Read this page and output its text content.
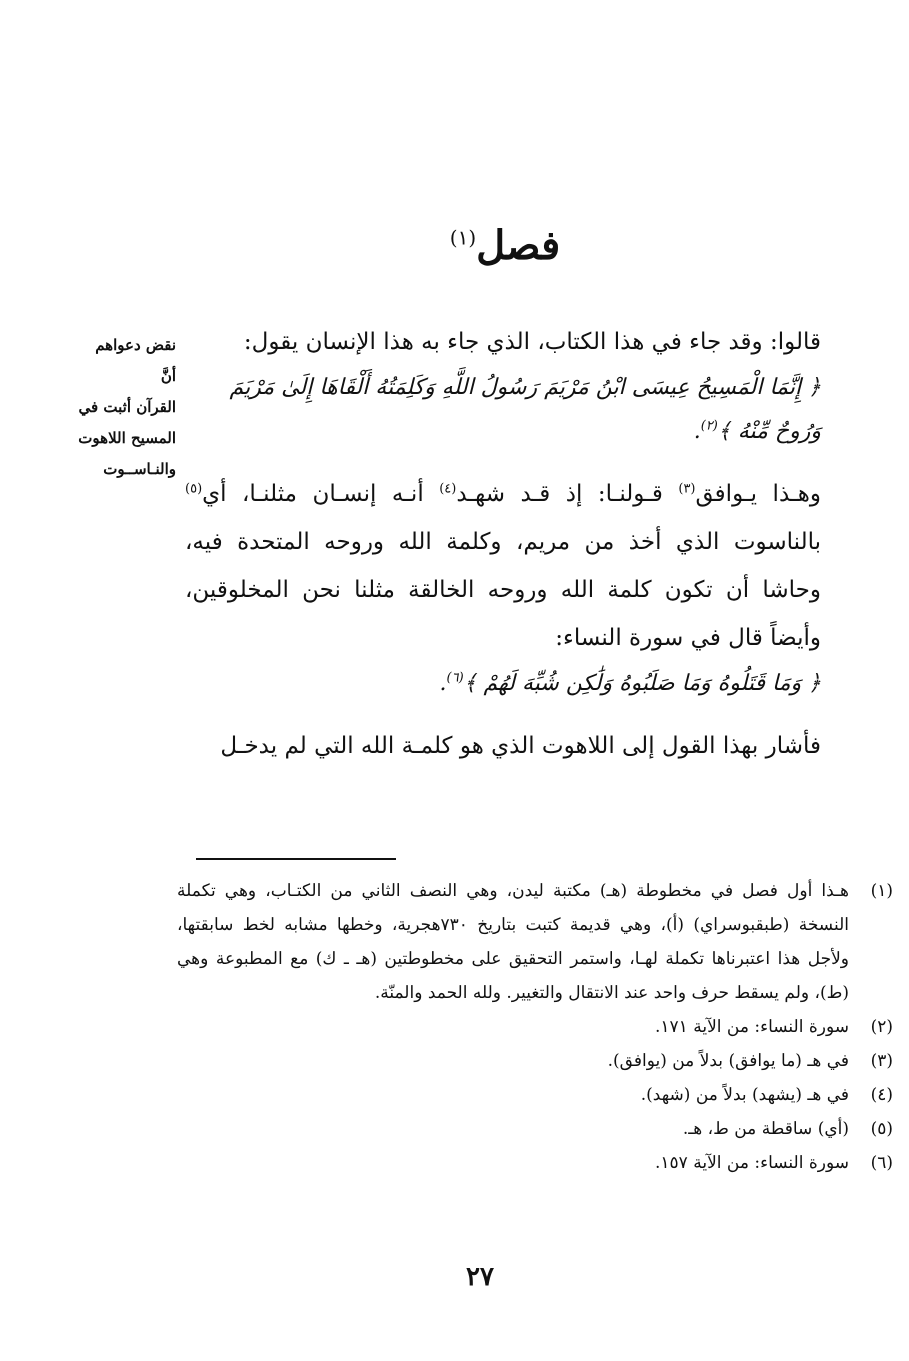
فصل$^{(١)}$
نقض دعواهم أنَّ
القرآن أثبت في
المسيح اللاهوت
والنـاســوت

قالوا: وقد جاء في هذا الكتاب، الذي جاء به هذا الإنسان يقول:

﴿ إِنَّمَا الْمَسِيحُ عِيسَى ابْنُ مَرْيَمَ رَسُولُ اللَّهِ وَكَلِمَتُهُ أَلْقَاهَا إِلَىٰ مَرْيَمَ
وَرُوحٌ مِّنْهُ ﴾$^{(٢)}$.

وهـذا يـوافق$^{(٣)}$ قـولنـا: إذ قـد شهـد$^{(٤)}$ أنـه إنسـان مثلنـا، أي$^{(٥)}$ بالناسوت الذي أخذ من مريم، وكلمة الله وروحه المتحدة فيه، وحاشا أن تكون كلمة الله وروحه الخالقة مثلنا نحن المخلوقين، وأيضاً قال في سورة النساء:

﴿ وَمَا قَتَلُوهُ وَمَا صَلَبُوهُ وَلَٰكِن شُبِّهَ لَهُمْ ﴾$^{(٦)}$.

فأشار بهذا القول إلى اللاهوت الذي هو كلمـة الله التي لم يدخـل

(١)
هـذا أول فصل في مخطوطة (هـ) مكتبة ليدن، وهي النصف الثاني من الكتـاب، وهي تكملة النسخة (طبقبوسراي) (أ)، وهي قديمة كتبت بتاريخ ٧٣٠هجرية، وخطها مشابه لخط سابقتها، ولأجل هذا اعتبرناها تكملة لهـا، واستمر التحقيق على مخطوطتين (هـ ـ ك) مع المطبوعة وهي (ط)، ولم يسقط حرف واحد عند الانتقال والتغيير. ولله الحمد والمنّة.
(٢)
سورة النساء: من الآية ١٧١.
(٣)
في هـ (ما يوافق) بدلاً من (يوافق).
(٤)
في هـ (يشهد) بدلاً من (شهد).
(٥)
(أي) ساقطة من ط، هـ.
(٦)
سورة النساء: من الآية ١٥٧.
٢٧
